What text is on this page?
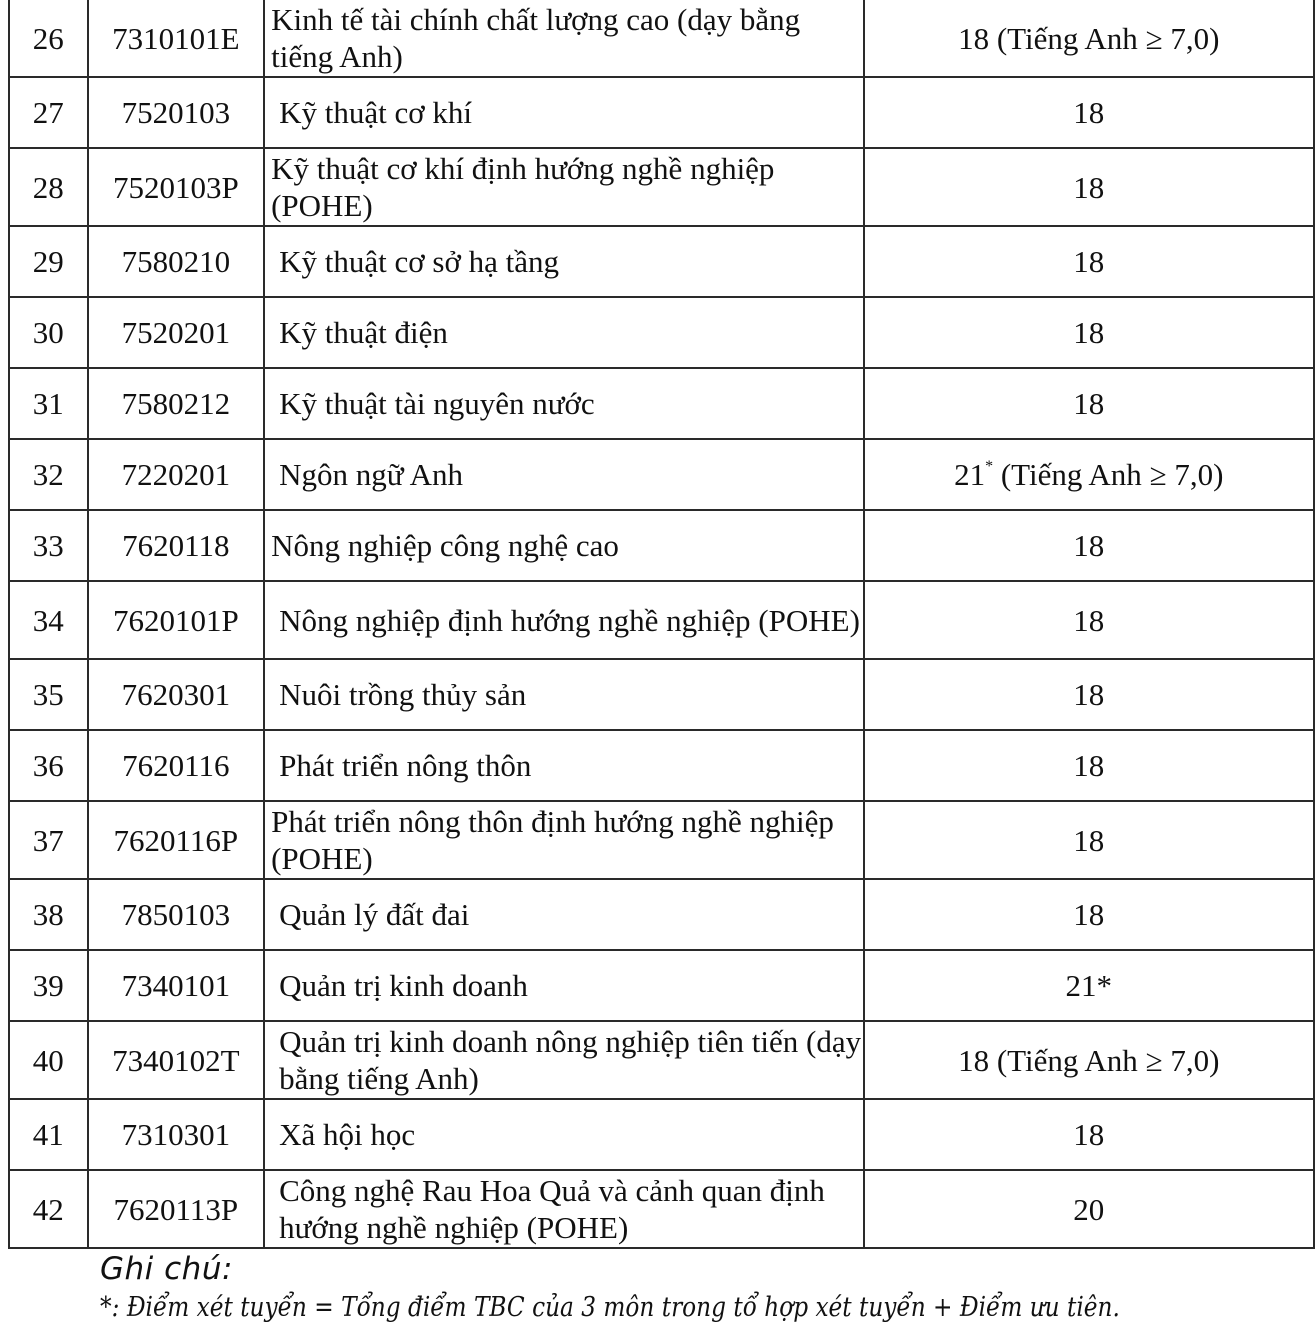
26	7310101E	Kinh tế tài chính chất lượng cao (dạy bằng tiếng Anh)	18 (Tiếng Anh ≥ 7,0)
27	7520103	Kỹ thuật cơ khí	18
28	7520103P	Kỹ thuật cơ khí định hướng nghề nghiệp (POHE)	18
29	7580210	Kỹ thuật cơ sở hạ tầng	18
30	7520201	Kỹ thuật điện	18
31	7580212	Kỹ thuật tài nguyên nước	18
32	7220201	Ngôn ngữ Anh	21* (Tiếng Anh ≥ 7,0)
33	7620118	Nông nghiệp công nghệ cao	18
34	7620101P	Nông nghiệp định hướng nghề nghiệp (POHE)	18
35	7620301	Nuôi trồng thủy sản	18
36	7620116	Phát triển nông thôn	18
37	7620116P	Phát triển nông thôn định hướng nghề nghiệp (POHE)	18
38	7850103	Quản lý đất đai	18
39	7340101	Quản trị kinh doanh	21*
40	7340102T	Quản trị kinh doanh nông nghiệp tiên tiến (dạy bằng tiếng Anh)	18 (Tiếng Anh ≥ 7,0)
41	7310301	Xã hội học	18
42	7620113P	Công nghệ Rau Hoa Quả và cảnh quan định hướng nghề nghiệp (POHE)	20
Ghi chú:
*: Điểm xét tuyển = Tổng điểm TBC của 3 môn trong tổ hợp xét tuyển + Điểm ưu tiên.
